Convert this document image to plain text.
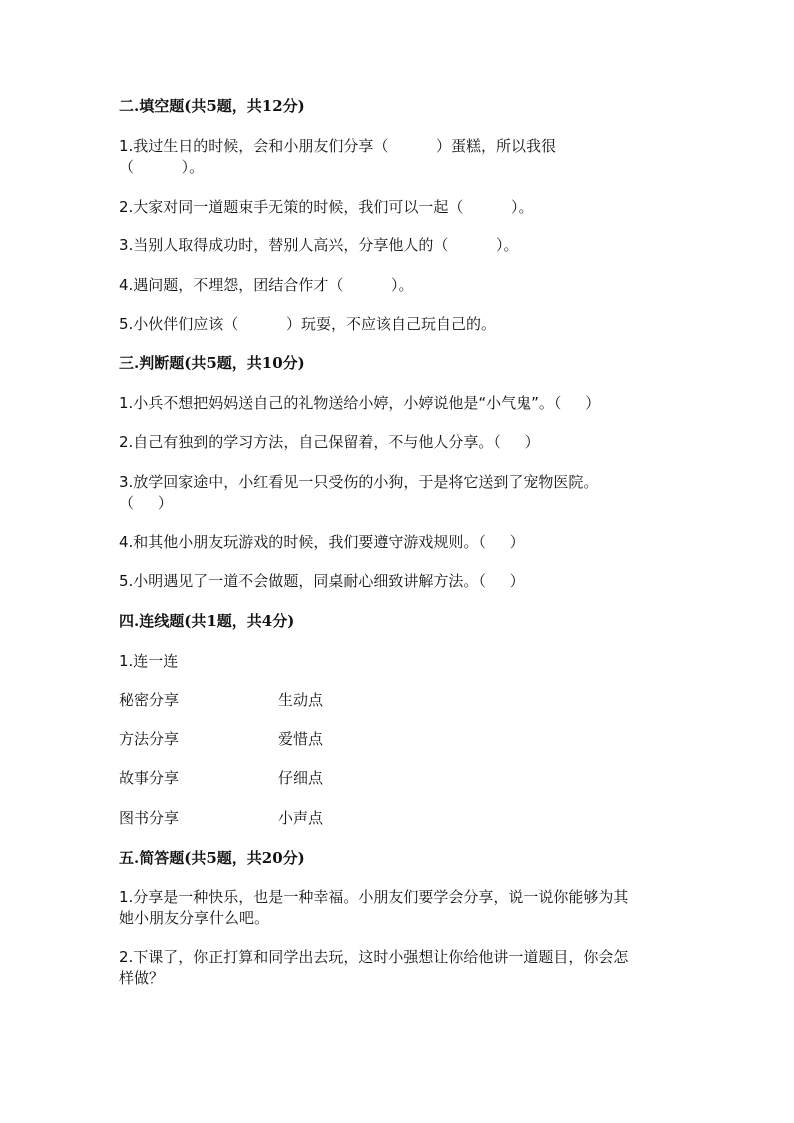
二.填空题(共5题，共12分)
1.我过生日的时候，会和小朋友们分享（          ）蛋糕，所以我很
（          ）。
2.大家对同一道题束手无策的时候，我们可以一起（          ）。
3.当别人取得成功时，替别人高兴，分享他人的（          ）。
4.遇问题，不埋怨，团结合作才（          ）。
5.小伙伴们应该（          ）玩耍，不应该自己玩自己的。
三.判断题(共5题，共10分)
1.小兵不想把妈妈送自己的礼物送给小婷，小婷说他是“小气鬼”。（     ）
2.自己有独到的学习方法，自己保留着，不与他人分享。（     ）
3.放学回家途中，小红看见一只受伤的小狗，于是将它送到了宠物医院。
（     ）
4.和其他小朋友玩游戏的时候，我们要遵守游戏规则。（     ）
5.小明遇见了一道不会做题，同桌耐心细致讲解方法。（     ）
四.连线题(共1题，共4分)
1.连一连
秘密分享	生动点
方法分享	爱惜点
故事分享	仔细点
图书分享	小声点
五.简答题(共5题，共20分)
1.分享是一种快乐，也是一种幸福。小朋友们要学会分享，说一说你能够为其
她小朋友分享什么吧。
2.下课了，你正打算和同学出去玩，这时小强想让你给他讲一道题目，你会怎
样做？
